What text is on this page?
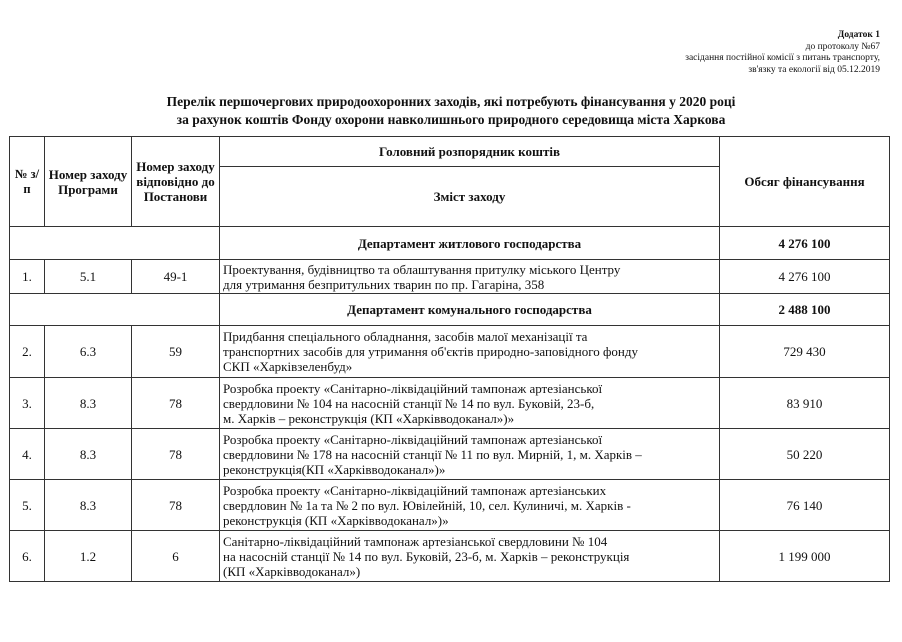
Додаток 1
до протоколу №67
засідання постійної комісії з питань транспорту,
зв'язку та екології від 05.12.2019
Перелік першочергових природоохоронних заходів, які потребують фінансування у 2020 році
за рахунок коштів Фонду охорони навколишнього природного середовища міста Харкова
№ з/п	Номер заходу Програми	Номер заходу відповідно до Постанови	Головний розпорядник коштів	Обсяг фінансування
			Зміст заходу	
			Департамент житлового господарства	4 276 100
1.	5.1	49-1	Проектування, будівництво та облаштування притулку міського Центру
для утримання безпритульних тварин по пр. Гагаріна, 358	4 276 100
			Департамент комунального господарства	2 488 100
2.	6.3	59	Придбання спеціального обладнання, засобів малої механізації та
транспортних засобів для утримання об'єктів природно-заповідного фонду
СКП «Харківзеленбуд»	729 430
3.	8.3	78	Розробка проекту «Санітарно-ліквідаційний тампонаж артезіанської
свердловини № 104 на насосній станції № 14 по вул. Буковій, 23-б,
м. Харків – реконструкція (КП «Харківводоканал»)»	83 910
4.	8.3	78	Розробка проекту «Санітарно-ліквідаційний тампонаж артезіанської
свердловини № 178 на насосній станції № 11 по вул. Мирній, 1, м. Харків –
реконструкція(КП «Харківводоканал»)»	50 220
5.	8.3	78	Розробка проекту «Санітарно-ліквідаційний тампонаж артезіанських
свердловин № 1а та № 2 по вул. Ювілейній, 10, сел. Кулиничі, м. Харків -
реконструкція (КП «Харківводоканал»)»	76 140
6.	1.2	6	Санітарно-ліквідаційний тампонаж артезіанської свердловини № 104
на насосній станції № 14 по вул. Буковій, 23-б, м. Харків – реконструкція
(КП «Харківводоканал»)	1 199 000
